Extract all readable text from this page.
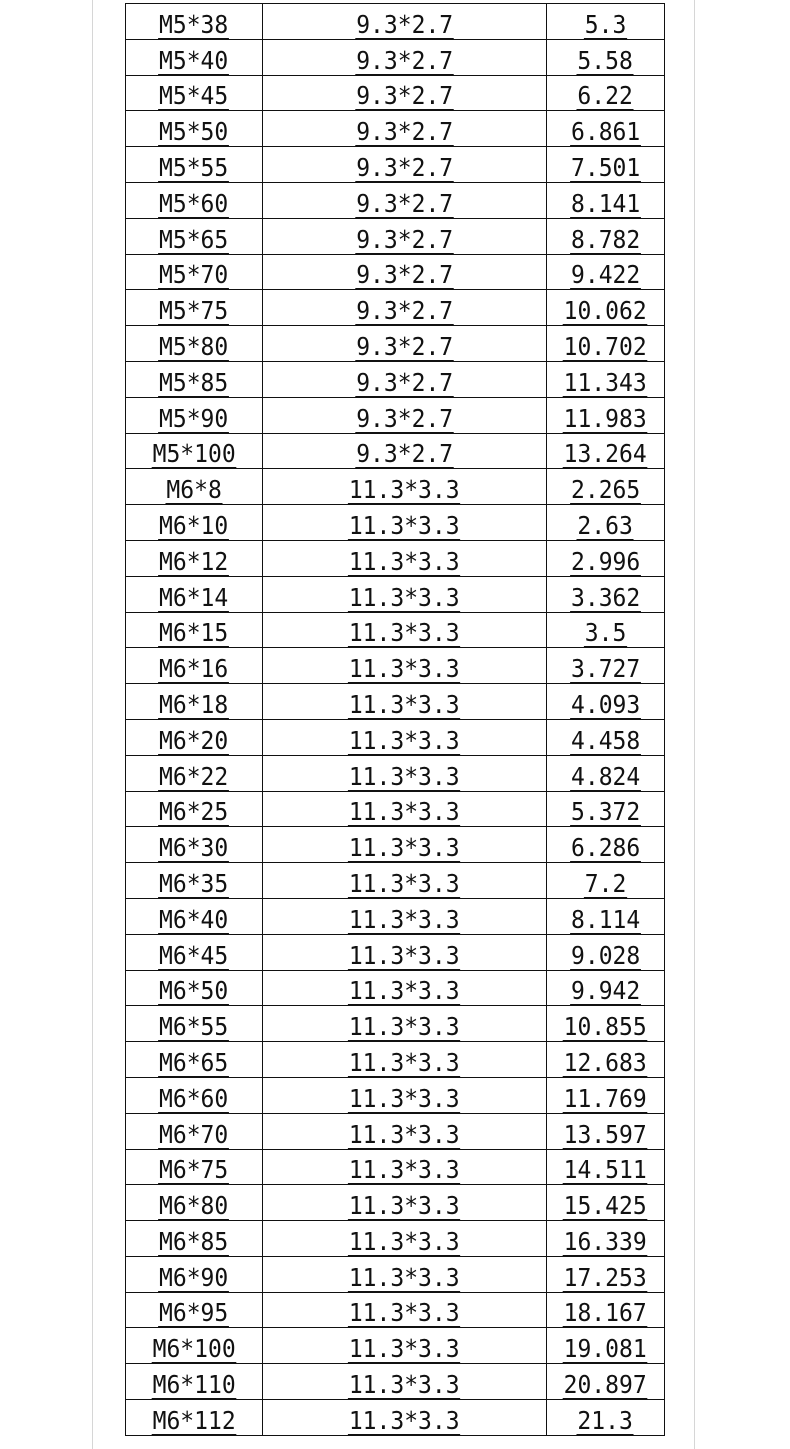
M5*38	9.3*2.7	5.3
M5*40	9.3*2.7	5.58
M5*45	9.3*2.7	6.22
M5*50	9.3*2.7	6.861
M5*55	9.3*2.7	7.501
M5*60	9.3*2.7	8.141
M5*65	9.3*2.7	8.782
M5*70	9.3*2.7	9.422
M5*75	9.3*2.7	10.062
M5*80	9.3*2.7	10.702
M5*85	9.3*2.7	11.343
M5*90	9.3*2.7	11.983
M5*100	9.3*2.7	13.264
M6*8	11.3*3.3	2.265
M6*10	11.3*3.3	2.63
M6*12	11.3*3.3	2.996
M6*14	11.3*3.3	3.362
M6*15	11.3*3.3	3.5
M6*16	11.3*3.3	3.727
M6*18	11.3*3.3	4.093
M6*20	11.3*3.3	4.458
M6*22	11.3*3.3	4.824
M6*25	11.3*3.3	5.372
M6*30	11.3*3.3	6.286
M6*35	11.3*3.3	7.2
M6*40	11.3*3.3	8.114
M6*45	11.3*3.3	9.028
M6*50	11.3*3.3	9.942
M6*55	11.3*3.3	10.855
M6*65	11.3*3.3	12.683
M6*60	11.3*3.3	11.769
M6*70	11.3*3.3	13.597
M6*75	11.3*3.3	14.511
M6*80	11.3*3.3	15.425
M6*85	11.3*3.3	16.339
M6*90	11.3*3.3	17.253
M6*95	11.3*3.3	18.167
M6*100	11.3*3.3	19.081
M6*110	11.3*3.3	20.897
M6*112	11.3*3.3	21.3
